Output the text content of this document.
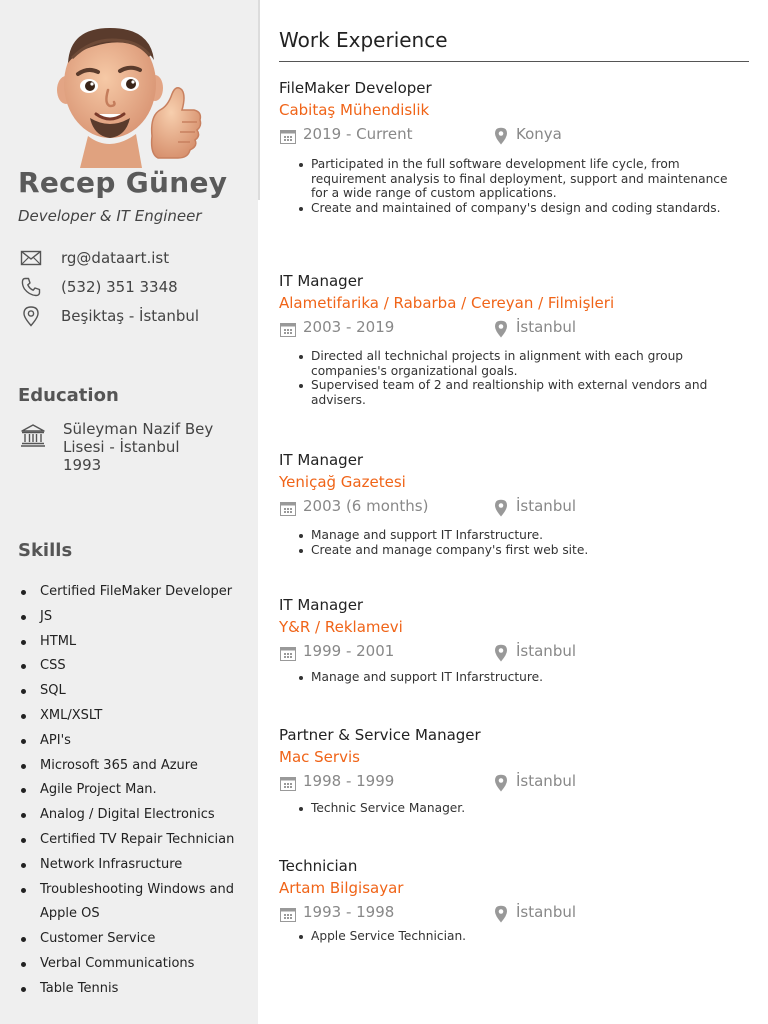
Recep Güney
Developer & IT Engineer
rg@dataart.ist
(532) 351 3348
Beşiktaş - İstanbul
Education
Süleyman Nazif Bey Lisesi - İstanbul
1993
Skills
Certified FileMaker Developer
JS
HTML
CSS
SQL
XML/XSLT
API's
Microsoft 365 and Azure
Agile Project Man.
Analog / Digital Electronics
Certified TV Repair Technician
Network Infrasructure
Troubleshooting Windows and Apple OS
Customer Service
Verbal Communications
Table Tennis
Work Experience
FileMaker Developer
Cabitaş Mühendislik
2019 - Current	Konya
Participated in the full software development life cycle, from requirement analysis to final deployment, support and maintenance for a wide range of custom applications.
Create and maintained of company's design and coding standards.
IT Manager
Alametifarika / Rabarba / Cereyan / Filmişleri
2003 - 2019	İstanbul
Directed all technichal projects in alignment with each group companies's organizational goals.
Supervised team of 2 and realtionship with external vendors and advisers.
IT Manager
Yeniçağ Gazetesi
2003 (6 months)	İstanbul
Manage and support IT Infarstructure.
Create and manage company's first web site.
IT Manager
Y&R / Reklamevi
1999 - 2001	İstanbul
Manage and support IT Infarstructure.
Partner & Service Manager
Mac Servis
1998 - 1999	İstanbul
Technic Service Manager.
Technician
Artam Bilgisayar
1993 - 1998	İstanbul
Apple Service Technician.
